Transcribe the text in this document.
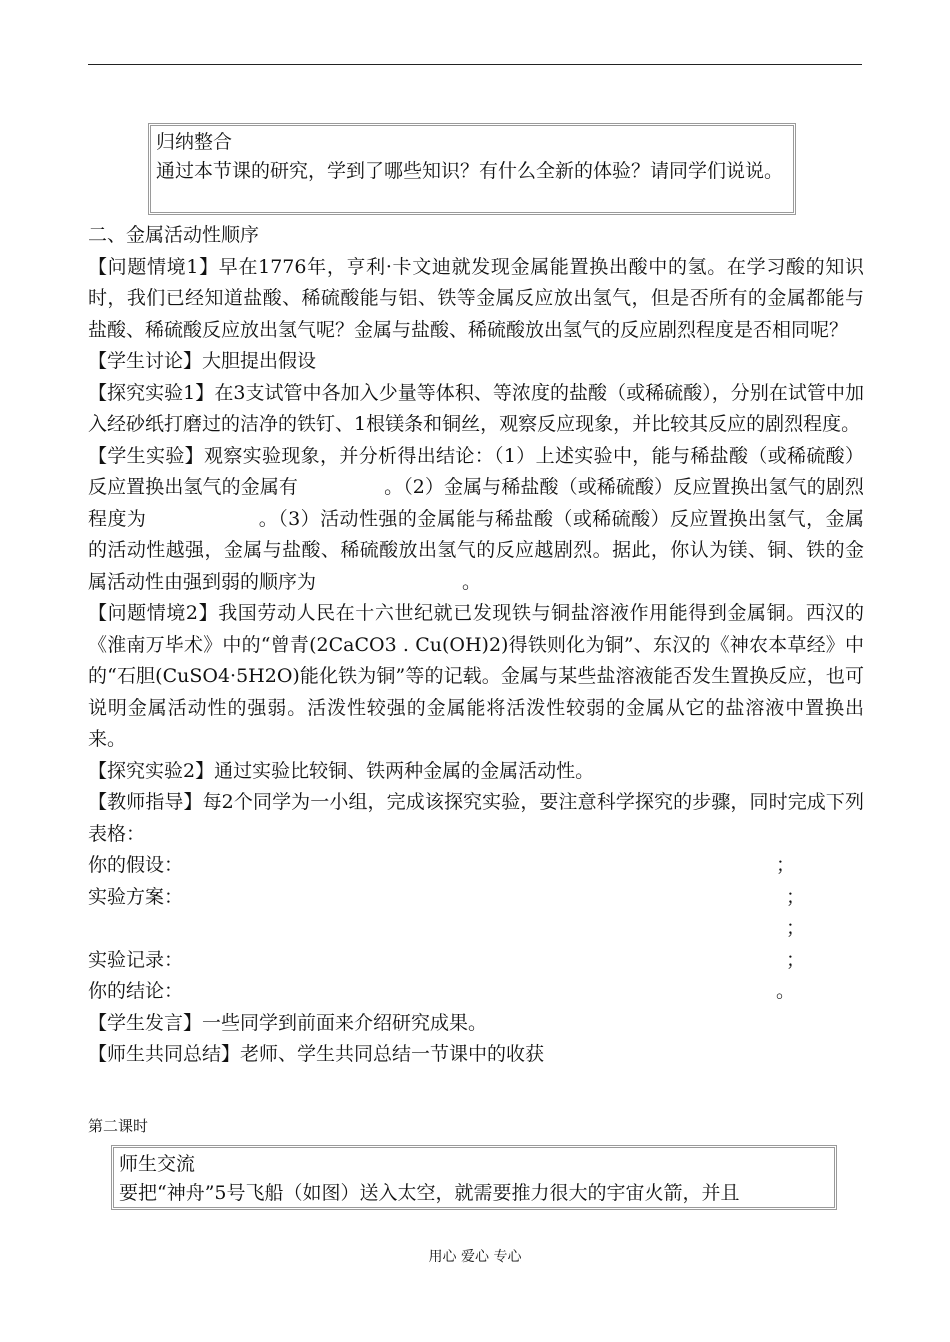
归纳整合

通过本节课的研究，学到了哪些知识？有什么全新的体验？请同学们说说。

二、金属活动性顺序

【问题情境1】早在1776年，亨利·卡文迪就发现金属能置换出酸中的氢。在学习酸的知识时，我们已经知道盐酸、稀硫酸能与铝、铁等金属反应放出氢气，但是否所有的金属都能与盐酸、稀硫酸反应放出氢气呢？金属与盐酸、稀硫酸放出氢气的反应剧烈程度是否相同呢？

【学生讨论】大胆提出假设

【探究实验1】在3支试管中各加入少量等体积、等浓度的盐酸（或稀硫酸），分别在试管中加入经砂纸打磨过的洁净的铁钉、1根镁条和铜丝，观察反应现象，并比较其反应的剧烈程度。

【学生实验】观察实验现象，并分析得出结论：（1）上述实验中，能与稀盐酸（或稀硫酸）反应置换出氢气的金属有	。（2）金属与稀盐酸（或稀硫酸）反应置换出氢气的剧烈程度为	。（3）活动性强的金属能与稀盐酸（或稀硫酸）反应置换出氢气，金属的活动性越强，金属与盐酸、稀硫酸放出氢气的反应越剧烈。据此，你认为镁、铜、铁的金属活动性由强到弱的顺序为	。

【问题情境2】我国劳动人民在十六世纪就已发现铁与铜盐溶液作用能得到金属铜。西汉的《淮南万毕术》中的“曾青(2CaCO3 . Cu(OH)2)得铁则化为铜”、东汉的《神农本草经》中的“石胆(CuSO4·5H2O)能化铁为铜”等的记载。金属与某些盐溶液能否发生置换反应，也可说明金属活动性的强弱。活泼性较强的金属能将活泼性较弱的金属从它的盐溶液中置换出来。

【探究实验2】通过实验比较铜、铁两种金属的金属活动性。

【教师指导】每2个同学为一小组，完成该探究实验，要注意科学探究的步骤，同时完成下列表格：

你的假设：	；
实验方案：	；
；
实验记录：	；
你的结论：	。

【学生发言】一些同学到前面来介绍研究成果。

【师生共同总结】老师、学生共同总结一节课中的收获

第二课时

师生交流

要把“神舟”5号飞船（如图）送入太空，就需要推力很大的宇宙火箭，并且

用心 爱心 专心
